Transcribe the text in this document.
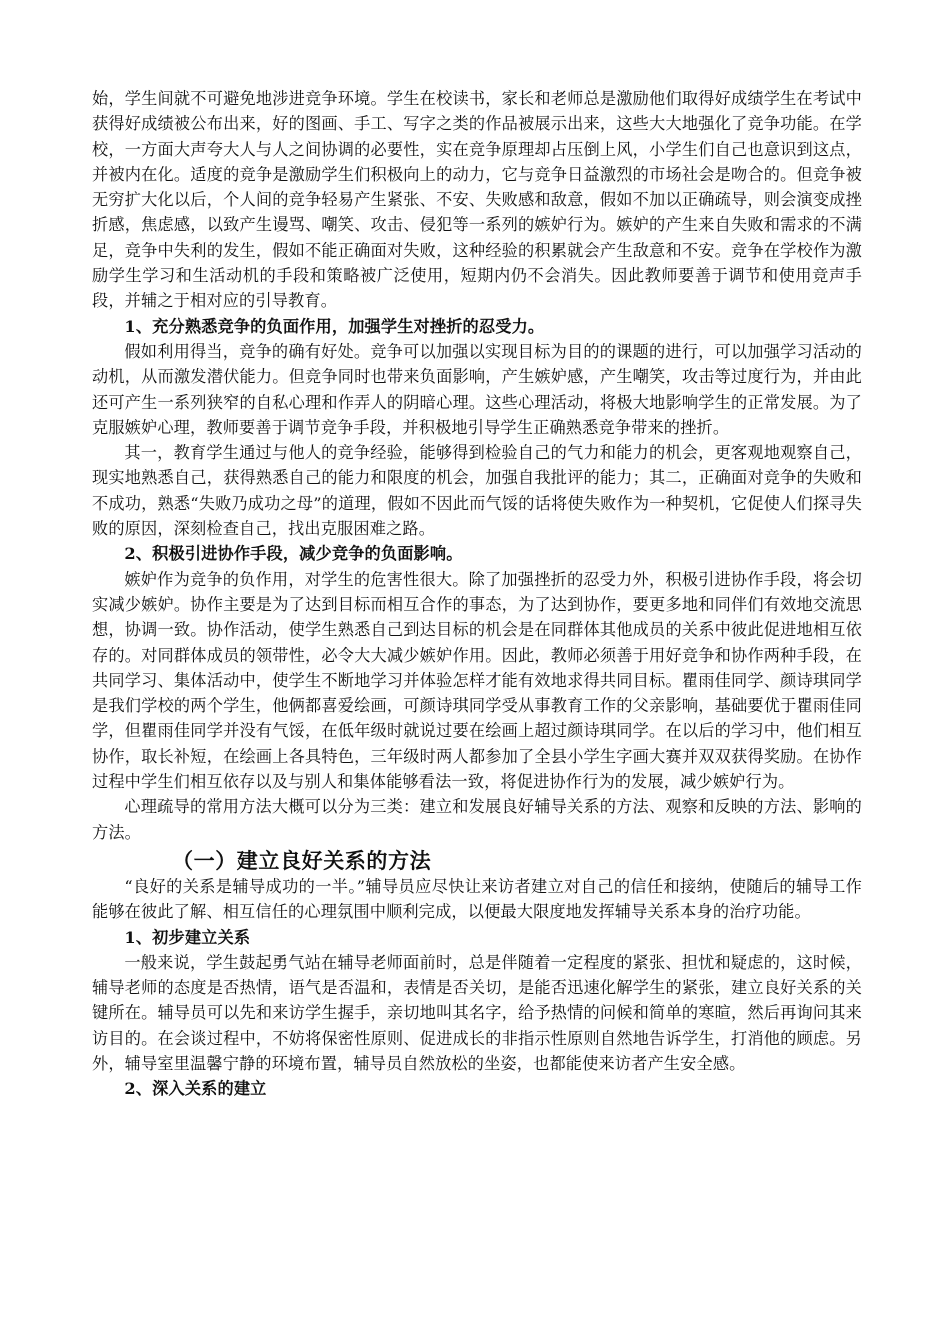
始，学生间就不可避免地涉进竞争环境。学生在校读书，家长和老师总是激励他们取得好成绩学生在考试中获得好成绩被公布出来，好的图画、手工、写字之类的作品被展示出来，这些大大地强化了竞争功能。在学校，一方面大声夸大人与人之间协调的必要性，实在竞争原理却占压倒上风，小学生们自己也意识到这点，并被内在化。适度的竞争是激励学生们积极向上的动力，它与竞争日益激烈的市场社会是吻合的。但竞争被无穷扩大化以后，个人间的竞争轻易产生紧张、不安、失败感和敌意，假如不加以正确疏导，则会演变成挫折感，焦虑感，以致产生谩骂、嘲笑、攻击、侵犯等一系列的嫉妒行为。嫉妒的产生来自失败和需求的不满足，竞争中失利的发生，假如不能正确面对失败，这种经验的积累就会产生敌意和不安。竞争在学校作为激励学生学习和生活动机的手段和策略被广泛使用，短期内仍不会消失。因此教师要善于调节和使用竞声手段，并辅之于相对应的引导教育。

1、充分熟悉竞争的负面作用，加强学生对挫折的忍受力。

假如利用得当，竞争的确有好处。竞争可以加强以实现目标为目的的课题的进行，可以加强学习活动的动机，从而激发潜伏能力。但竞争同时也带来负面影响，产生嫉妒感，产生嘲笑，攻击等过度行为，并由此还可产生一系列狭窄的自私心理和作弄人的阴暗心理。这些心理活动，将极大地影响学生的正常发展。为了克服嫉妒心理，教师要善于调节竞争手段，并积极地引导学生正确熟悉竞争带来的挫折。

其一，教育学生通过与他人的竞争经验，能够得到检验自己的气力和能力的机会，更客观地观察自己，现实地熟悉自己，获得熟悉自己的能力和限度的机会，加强自我批评的能力；其二，正确面对竞争的失败和不成功，熟悉“失败乃成功之母”的道理，假如不因此而气馁的话将使失败作为一种契机，它促使人们探寻失败的原因，深刻检查自己，找出克服困难之路。

2、积极引进协作手段，减少竞争的负面影响。

嫉妒作为竞争的负作用，对学生的危害性很大。除了加强挫折的忍受力外，积极引进协作手段，将会切实减少嫉妒。协作主要是为了达到目标而相互合作的事态，为了达到协作，要更多地和同伴们有效地交流思想，协调一致。协作活动，使学生熟悉自己到达目标的机会是在同群体其他成员的关系中彼此促进地相互依存的。对同群体成员的领带性，必令大大减少嫉妒作用。因此，教师必须善于用好竞争和协作两种手段，在共同学习、集体活动中，使学生不断地学习并体验怎样才能有效地求得共同目标。瞿雨佳同学、颜诗琪同学是我们学校的两个学生，他俩都喜爱绘画，可颜诗琪同学受从事教育工作的父亲影响，基础要优于瞿雨佳同学，但瞿雨佳同学并没有气馁，在低年级时就说过要在绘画上超过颜诗琪同学。在以后的学习中，他们相互协作，取长补短，在绘画上各具特色，三年级时两人都参加了全县小学生字画大赛并双双获得奖励。在协作过程中学生们相互依存以及与别人和集体能够看法一致，将促进协作行为的发展，减少嫉妒行为。

心理疏导的常用方法大概可以分为三类：建立和发展良好辅导关系的方法、观察和反映的方法、影响的方法。

（一）建立良好关系的方法

“良好的关系是辅导成功的一半。”辅导员应尽快让来访者建立对自己的信任和接纳，使随后的辅导工作能够在彼此了解、相互信任的心理氛围中顺利完成，以便最大限度地发挥辅导关系本身的治疗功能。

1、初步建立关系

一般来说，学生鼓起勇气站在辅导老师面前时，总是伴随着一定程度的紧张、担忧和疑虑的，这时候，辅导老师的态度是否热情，语气是否温和，表情是否关切，是能否迅速化解学生的紧张，建立良好关系的关键所在。辅导员可以先和来访学生握手，亲切地叫其名字，给予热情的问候和简单的寒暄，然后再询问其来访目的。在会谈过程中，不妨将保密性原则、促进成长的非指示性原则自然地告诉学生，打消他的顾虑。另外，辅导室里温馨宁静的环境布置，辅导员自然放松的坐姿，也都能使来访者产生安全感。

2、深入关系的建立
